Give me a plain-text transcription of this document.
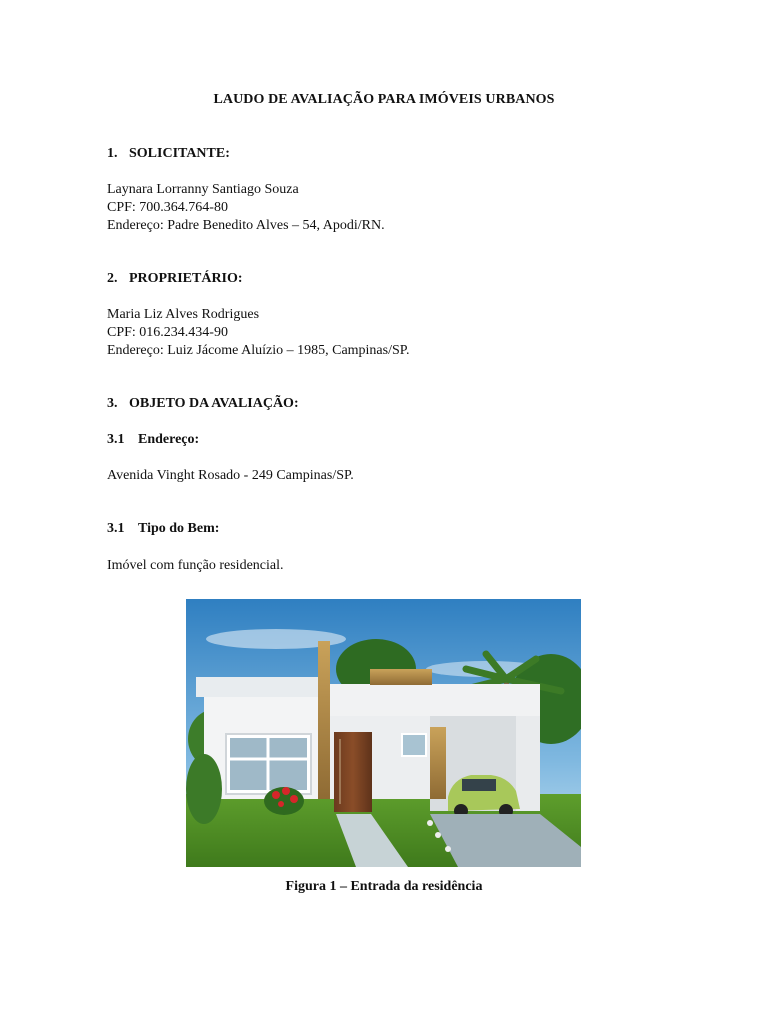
LAUDO DE AVALIAÇÃO PARA IMÓVEIS URBANOS
1. SOLICITANTE:
Laynara Lorranny Santiago Souza
CPF: 700.364.764-80
Endereço: Padre Benedito Alves – 54, Apodi/RN.
2. PROPRIETÁRIO:
Maria Liz Alves Rodrigues
CPF: 016.234.434-90
Endereço: Luiz Jácome Aluízio – 1985, Campinas/SP.
3. OBJETO DA AVALIAÇÃO:
3.1 Endereço:
Avenida Vinght Rosado - 249 Campinas/SP.
3.1 Tipo do Bem:
Imóvel com função residencial.
Figura 1 – Entrada da residência
